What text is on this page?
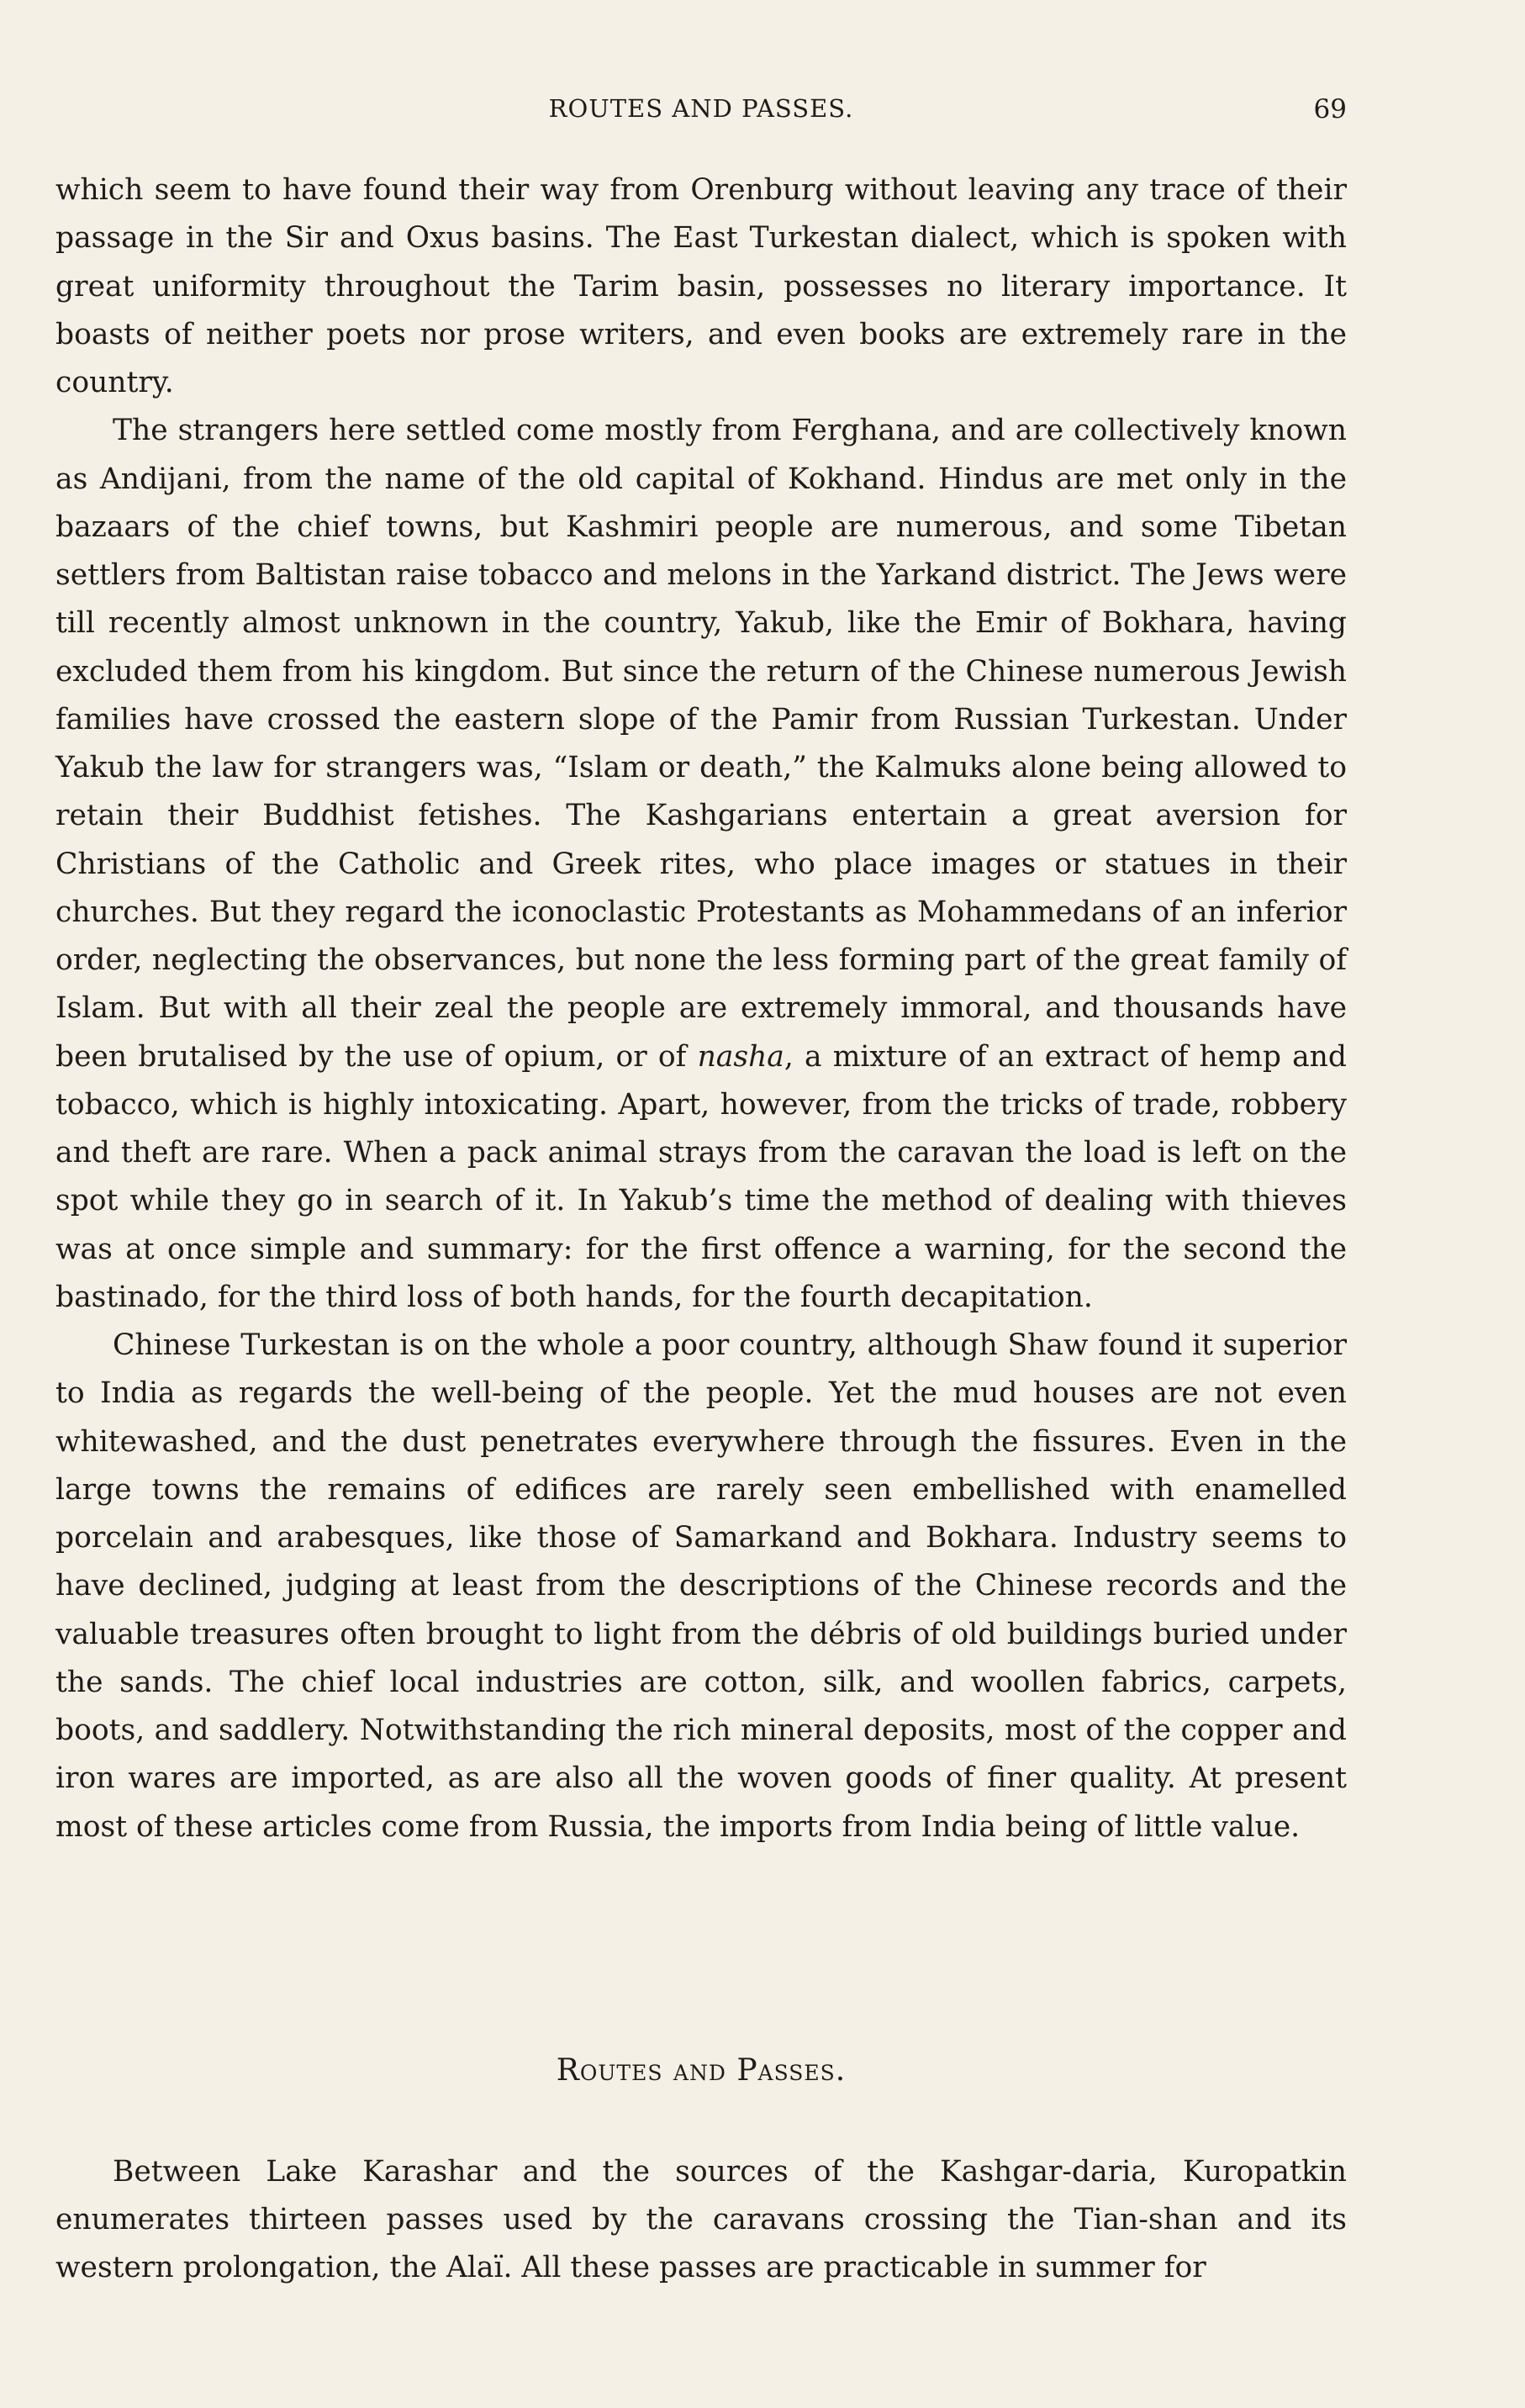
ROUTES AND PASSES.	69

which seem to have found their way from Orenburg without leaving any trace of their passage in the Sir and Oxus basins. The East Turkestan dialect, which is spoken with great uniformity throughout the Tarim basin, possesses no literary importance. It boasts of neither poets nor prose writers, and even books are extremely rare in the country.

The strangers here settled come mostly from Ferghana, and are collectively known as Andijani, from the name of the old capital of Kokhand. Hindus are met only in the bazaars of the chief towns, but Kashmiri people are numerous, and some Tibetan settlers from Baltistan raise tobacco and melons in the Yarkand district. The Jews were till recently almost unknown in the country, Yakub, like the Emir of Bokhara, having excluded them from his kingdom. But since the return of the Chinese numerous Jewish families have crossed the eastern slope of the Pamir from Russian Turkestan. Under Yakub the law for strangers was, “Islam or death,” the Kalmuks alone being allowed to retain their Buddhist fetishes. The Kashgarians entertain a great aversion for Christians of the Catholic and Greek rites, who place images or statues in their churches. But they regard the iconoclastic Protestants as Mohammedans of an inferior order, neglecting the observances, but none the less forming part of the great family of Islam. But with all their zeal the people are extremely immoral, and thousands have been brutalised by the use of opium, or of nasha, a mixture of an extract of hemp and tobacco, which is highly intoxicating. Apart, however, from the tricks of trade, robbery and theft are rare. When a pack animal strays from the caravan the load is left on the spot while they go in search of it. In Yakub’s time the method of dealing with thieves was at once simple and summary: for the first offence a warning, for the second the bastinado, for the third loss of both hands, for the fourth decapitation.

Chinese Turkestan is on the whole a poor country, although Shaw found it superior to India as regards the well-being of the people. Yet the mud houses are not even whitewashed, and the dust penetrates everywhere through the fissures. Even in the large towns the remains of edifices are rarely seen embellished with enamelled porcelain and arabesques, like those of Samarkand and Bokhara. Industry seems to have declined, judging at least from the descriptions of the Chinese records and the valuable treasures often brought to light from the débris of old buildings buried under the sands. The chief local industries are cotton, silk, and woollen fabrics, carpets, boots, and saddlery. Notwithstanding the rich mineral deposits, most of the copper and iron wares are imported, as are also all the woven goods of finer quality. At present most of these articles come from Russia, the imports from India being of little value.

Routes and Passes.

Between Lake Karashar and the sources of the Kashgar-daria, Kuropatkin enumerates thirteen passes used by the caravans crossing the Tian-shan and its western prolongation, the Alaï. All these passes are practicable in summer for
